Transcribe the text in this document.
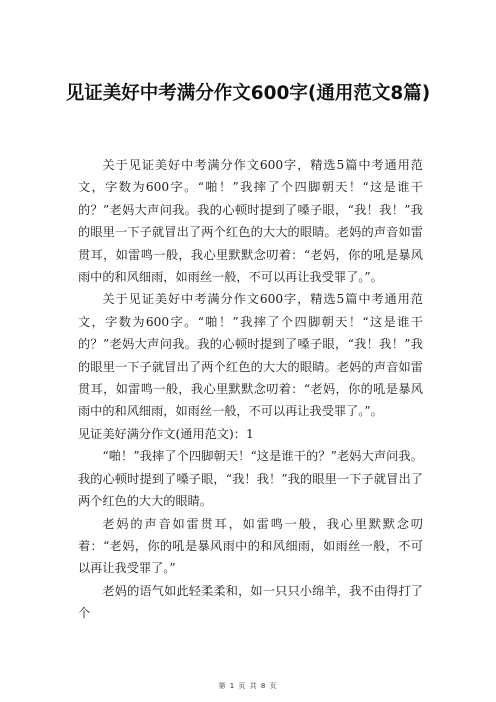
见证美好中考满分作文600字(通用范文8篇)

关于见证美好中考满分作文600字，精选5篇中考通用范文，字数为600字。“啪！”我摔了个四脚朝天！“这是谁干的？”老妈大声问我。我的心顿时提到了嗓子眼，“我！我！”我的眼里一下子就冒出了两个红色的大大的眼睛。老妈的声音如雷贯耳，如雷鸣一般，我心里默默念叨着：“老妈，你的吼是暴风雨中的和风细雨，如雨丝一般，不可以再让我受罪了。”。

关于见证美好中考满分作文600字，精选5篇中考通用范文，字数为600字。“啪！”我摔了个四脚朝天！“这是谁干的？”老妈大声问我。我的心顿时提到了嗓子眼，“我！我！”我的眼里一下子就冒出了两个红色的大大的眼睛。老妈的声音如雷贯耳，如雷鸣一般，我心里默默念叨着：“老妈，你的吼是暴风雨中的和风细雨，如雨丝一般，不可以再让我受罪了。”。

见证美好满分作文(通用范文)：1

“啪！”我摔了个四脚朝天！“这是谁干的？”老妈大声问我。我的心顿时提到了嗓子眼，“我！我！”我的眼里一下子就冒出了两个红色的大大的眼睛。

老妈的声音如雷贯耳，如雷鸣一般，我心里默默念叨着：“老妈，你的吼是暴风雨中的和风细雨，如雨丝一般，不可以再让我受罪了。”

老妈的语气如此轻柔柔和，如一只只小绵羊，我不由得打了个

第 1 页 共 8 页
